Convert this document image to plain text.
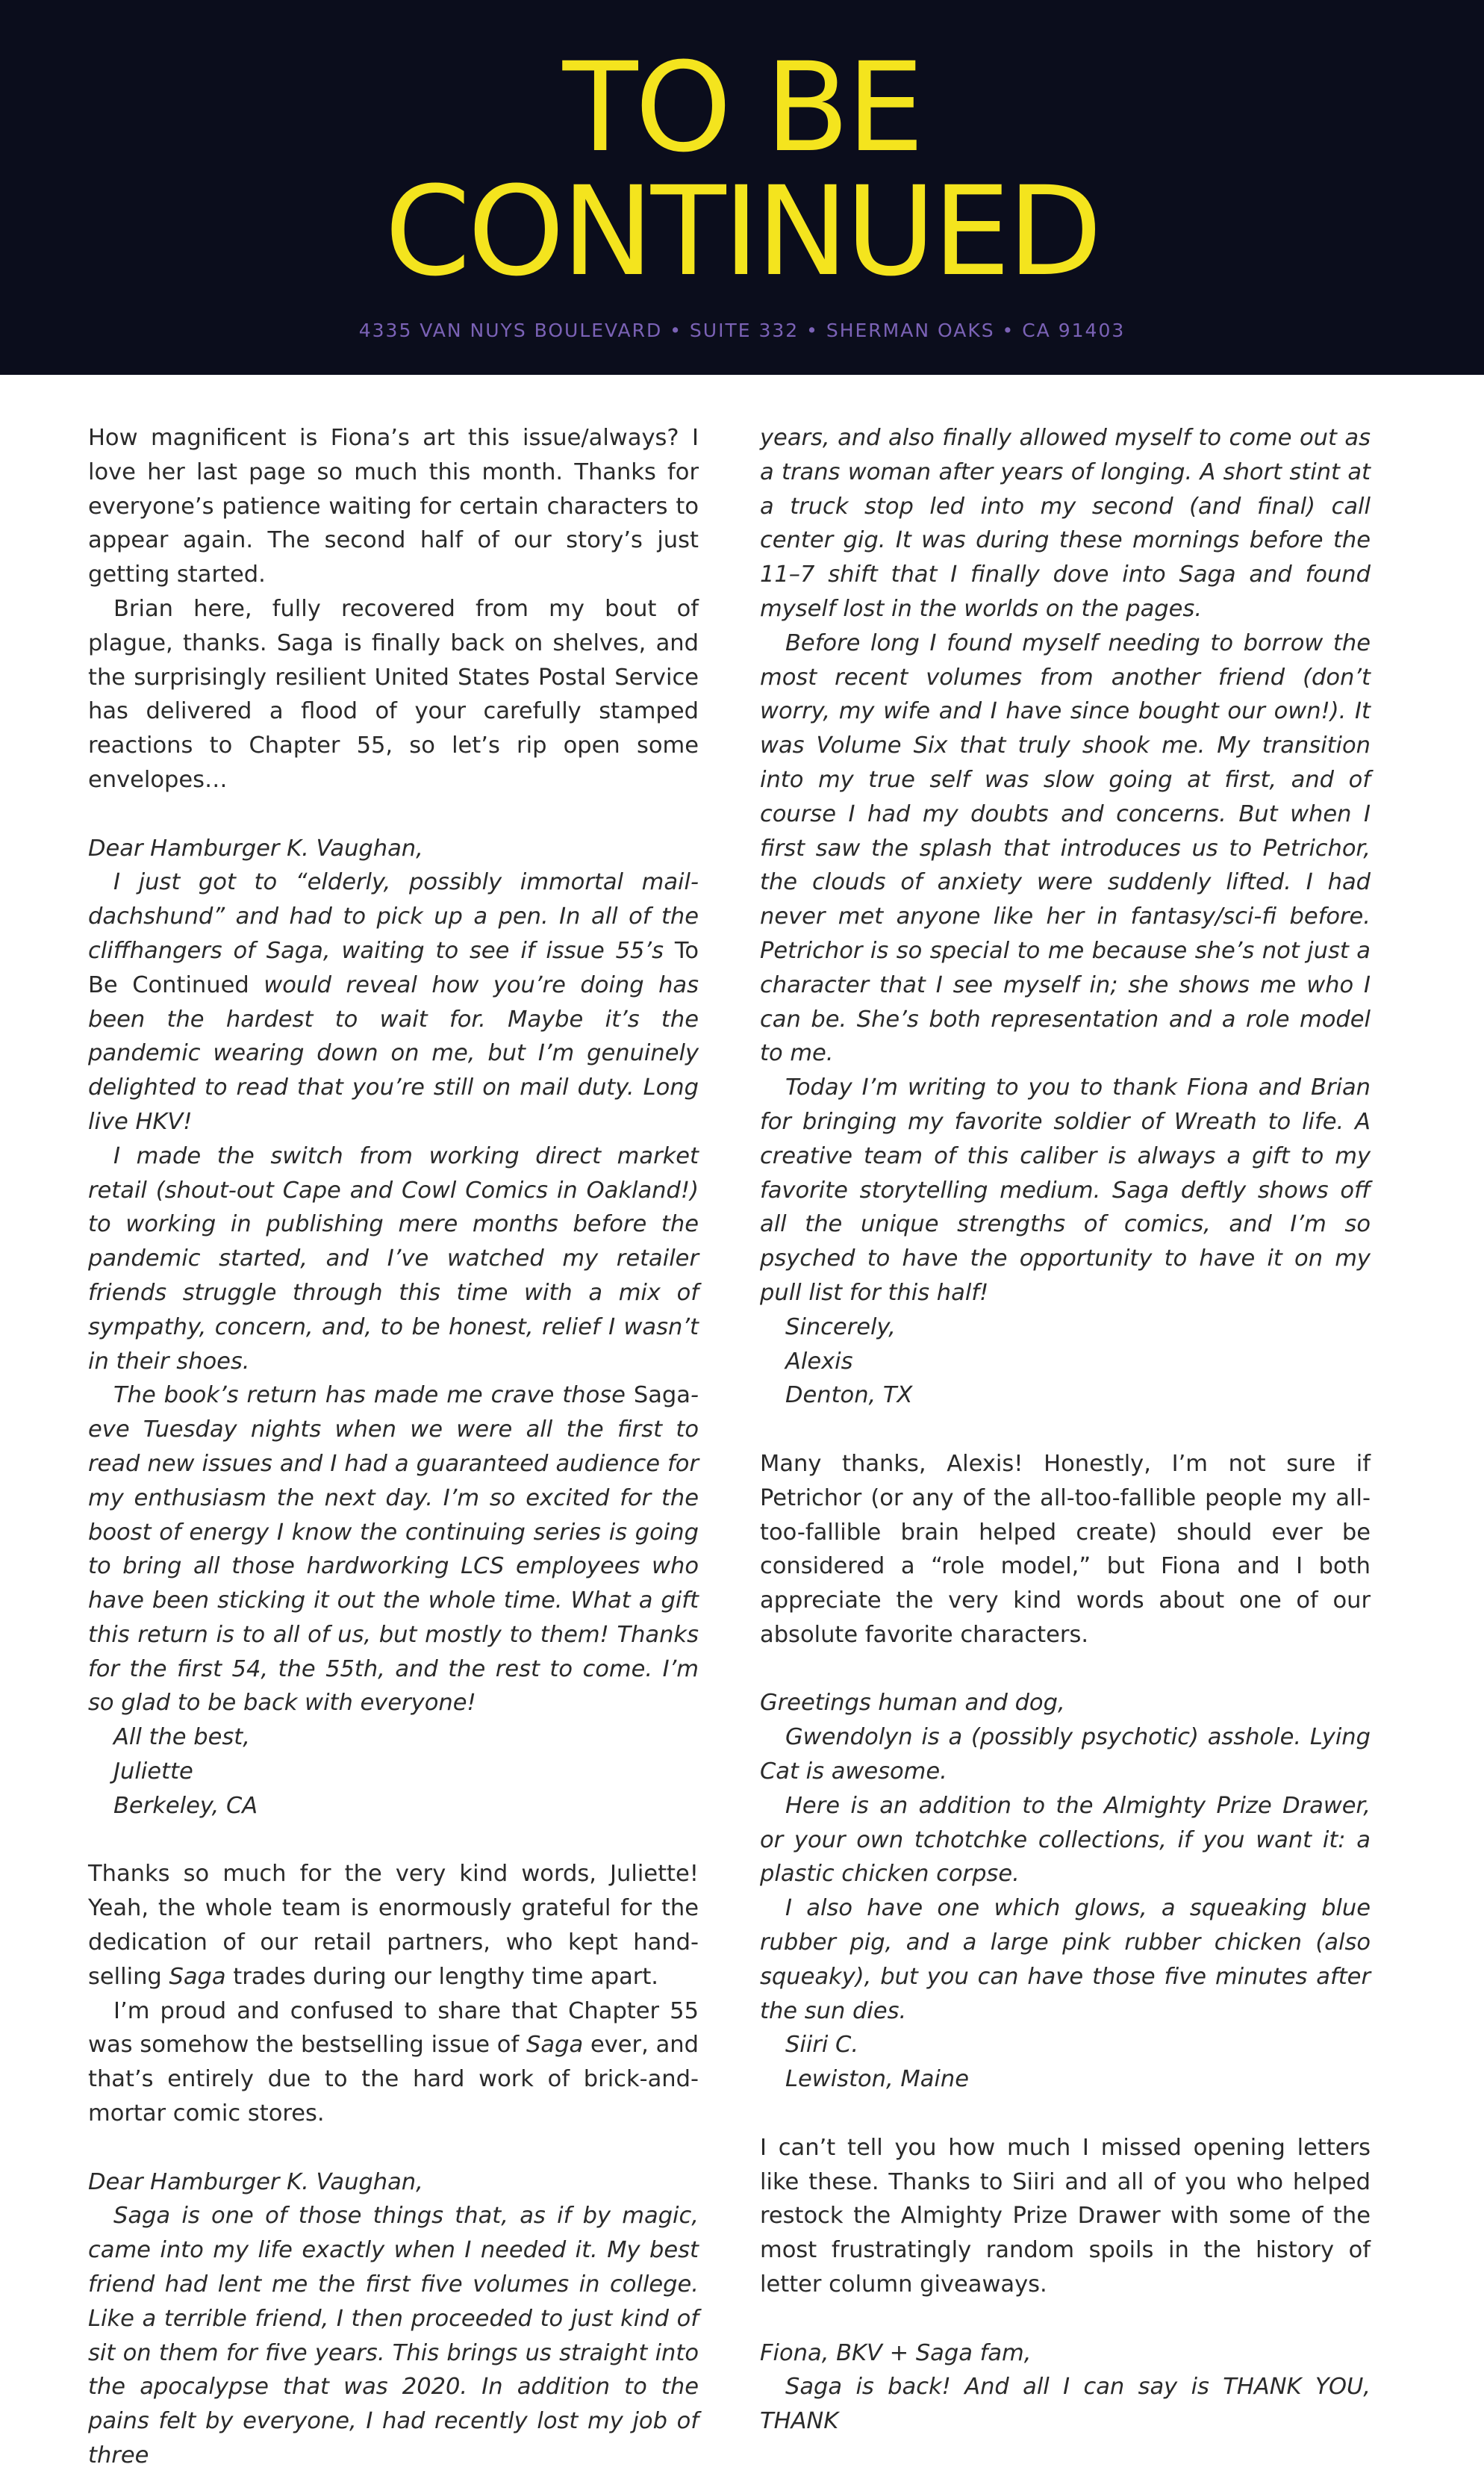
TO BE
CONTINUED
4335 VAN NUYS BOULEVARD • SUITE 332 • SHERMAN OAKS • CA 91403

How magnificent is Fiona’s art this issue/always? I love her last page so much this month. Thanks for everyone’s patience waiting for certain characters to appear again. The second half of our story’s just getting started.

Brian here, fully recovered from my bout of plague, thanks. Saga is finally back on shelves, and the surprisingly resilient United States Postal Service has delivered a flood of your carefully stamped reactions to Chapter 55, so let’s rip open some envelopes…

Dear Hamburger K. Vaughan,

I just got to “elderly, possibly immortal mail-dachshund” and had to pick up a pen. In all of the cliffhangers of Saga, waiting to see if issue 55’s To Be Continued would reveal how you’re doing has been the hardest to wait for. Maybe it’s the pandemic wearing down on me, but I’m genuinely delighted to read that you’re still on mail duty. Long live HKV!

I made the switch from working direct market retail (shout-out Cape and Cowl Comics in Oakland!) to working in publishing mere months before the pandemic started, and I’ve watched my retailer friends struggle through this time with a mix of sympathy, concern, and, to be honest, relief I wasn’t in their shoes.

The book’s return has made me crave those Saga-eve Tuesday nights when we were all the first to read new issues and I had a guaranteed audience for my enthusiasm the next day. I’m so excited for the boost of energy I know the continuing series is going to bring all those hardworking LCS employees who have been sticking it out the whole time. What a gift this return is to all of us, but mostly to them! Thanks for the first 54, the 55th, and the rest to come. I’m so glad to be back with everyone!

All the best,

Juliette

Berkeley, CA

Thanks so much for the very kind words, Juliette! Yeah, the whole team is enormously grateful for the dedication of our retail partners, who kept hand-selling Saga trades during our lengthy time apart.

I’m proud and confused to share that Chapter 55 was somehow the bestselling issue of Saga ever, and that’s entirely due to the hard work of brick-and-mortar comic stores.

Dear Hamburger K. Vaughan,

Saga is one of those things that, as if by magic, came into my life exactly when I needed it. My best friend had lent me the first five volumes in college. Like a terrible friend, I then proceeded to just kind of sit on them for five years. This brings us straight into the apocalypse that was 2020. In addition to the pains felt by everyone, I had recently lost my job of three

years, and also finally allowed myself to come out as a trans woman after years of longing. A short stint at a truck stop led into my second (and final) call center gig. It was during these mornings before the 11–7 shift that I finally dove into Saga and found myself lost in the worlds on the pages.

Before long I found myself needing to borrow the most recent volumes from another friend (don’t worry, my wife and I have since bought our own!). It was Volume Six that truly shook me. My transition into my true self was slow going at first, and of course I had my doubts and concerns. But when I first saw the splash that introduces us to Petrichor, the clouds of anxiety were suddenly lifted. I had never met anyone like her in fantasy/sci-fi before. Petrichor is so special to me because she’s not just a character that I see myself in; she shows me who I can be. She’s both representation and a role model to me.

Today I’m writing to you to thank Fiona and Brian for bringing my favorite soldier of Wreath to life. A creative team of this caliber is always a gift to my favorite storytelling medium. Saga deftly shows off all the unique strengths of comics, and I’m so psyched to have the opportunity to have it on my pull list for this half!

Sincerely,

Alexis

Denton, TX

Many thanks, Alexis! Honestly, I’m not sure if Petrichor (or any of the all-too-fallible people my all-too-fallible brain helped create) should ever be considered a “role model,” but Fiona and I both appreciate the very kind words about one of our absolute favorite characters.

Greetings human and dog,

Gwendolyn is a (possibly psychotic) asshole. Lying Cat is awesome.

Here is an addition to the Almighty Prize Drawer, or your own tchotchke collections, if you want it: a plastic chicken corpse.

I also have one which glows, a squeaking blue rubber pig, and a large pink rubber chicken (also squeaky), but you can have those five minutes after the sun dies.

Siiri C.

Lewiston, Maine

I can’t tell you how much I missed opening letters like these. Thanks to Siiri and all of you who helped restock the Almighty Prize Drawer with some of the most frustratingly random spoils in the history of letter column giveaways.

Fiona, BKV + Saga fam,

Saga is back! And all I can say is THANK YOU, THANK
